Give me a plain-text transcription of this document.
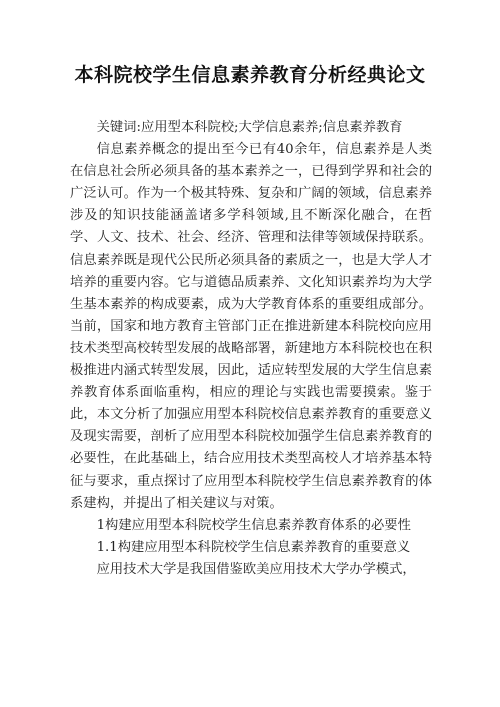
本科院校学生信息素养教育分析经典论文

关键词:应用型本科院校;大学信息素养;信息素养教育

信息素养概念的提出至今已有40余年，信息素养是人类在信息社会所必须具备的基本素养之一，已得到学界和社会的广泛认可。作为一个极其特殊、复杂和广阔的领域，信息素养涉及的知识技能涵盖诸多学科领域,且不断深化融合，在哲学、人文、技术、社会、经济、管理和法律等领域保持联系。信息素养既是现代公民所必须具备的素质之一，也是大学人才培养的重要内容。它与道德品质素养、文化知识素养均为大学生基本素养的构成要素，成为大学教育体系的重要组成部分。当前，国家和地方教育主管部门正在推进新建本科院校向应用技术类型高校转型发展的战略部署，新建地方本科院校也在积极推进内涵式转型发展，因此，适应转型发展的大学生信息素养教育体系面临重构，相应的理论与实践也需要摸索。鉴于此，本文分析了加强应用型本科院校信息素养教育的重要意义及现实需要，剖析了应用型本科院校加强学生信息素养教育的必要性，在此基础上，结合应用技术类型高校人才培养基本特征与要求，重点探讨了应用型本科院校学生信息素养教育的体系建构，并提出了相关建议与对策。

1构建应用型本科院校学生信息素养教育体系的必要性

1.1构建应用型本科院校学生信息素养教育的重要意义

应用技术大学是我国借鉴欧美应用技术大学办学模式，
